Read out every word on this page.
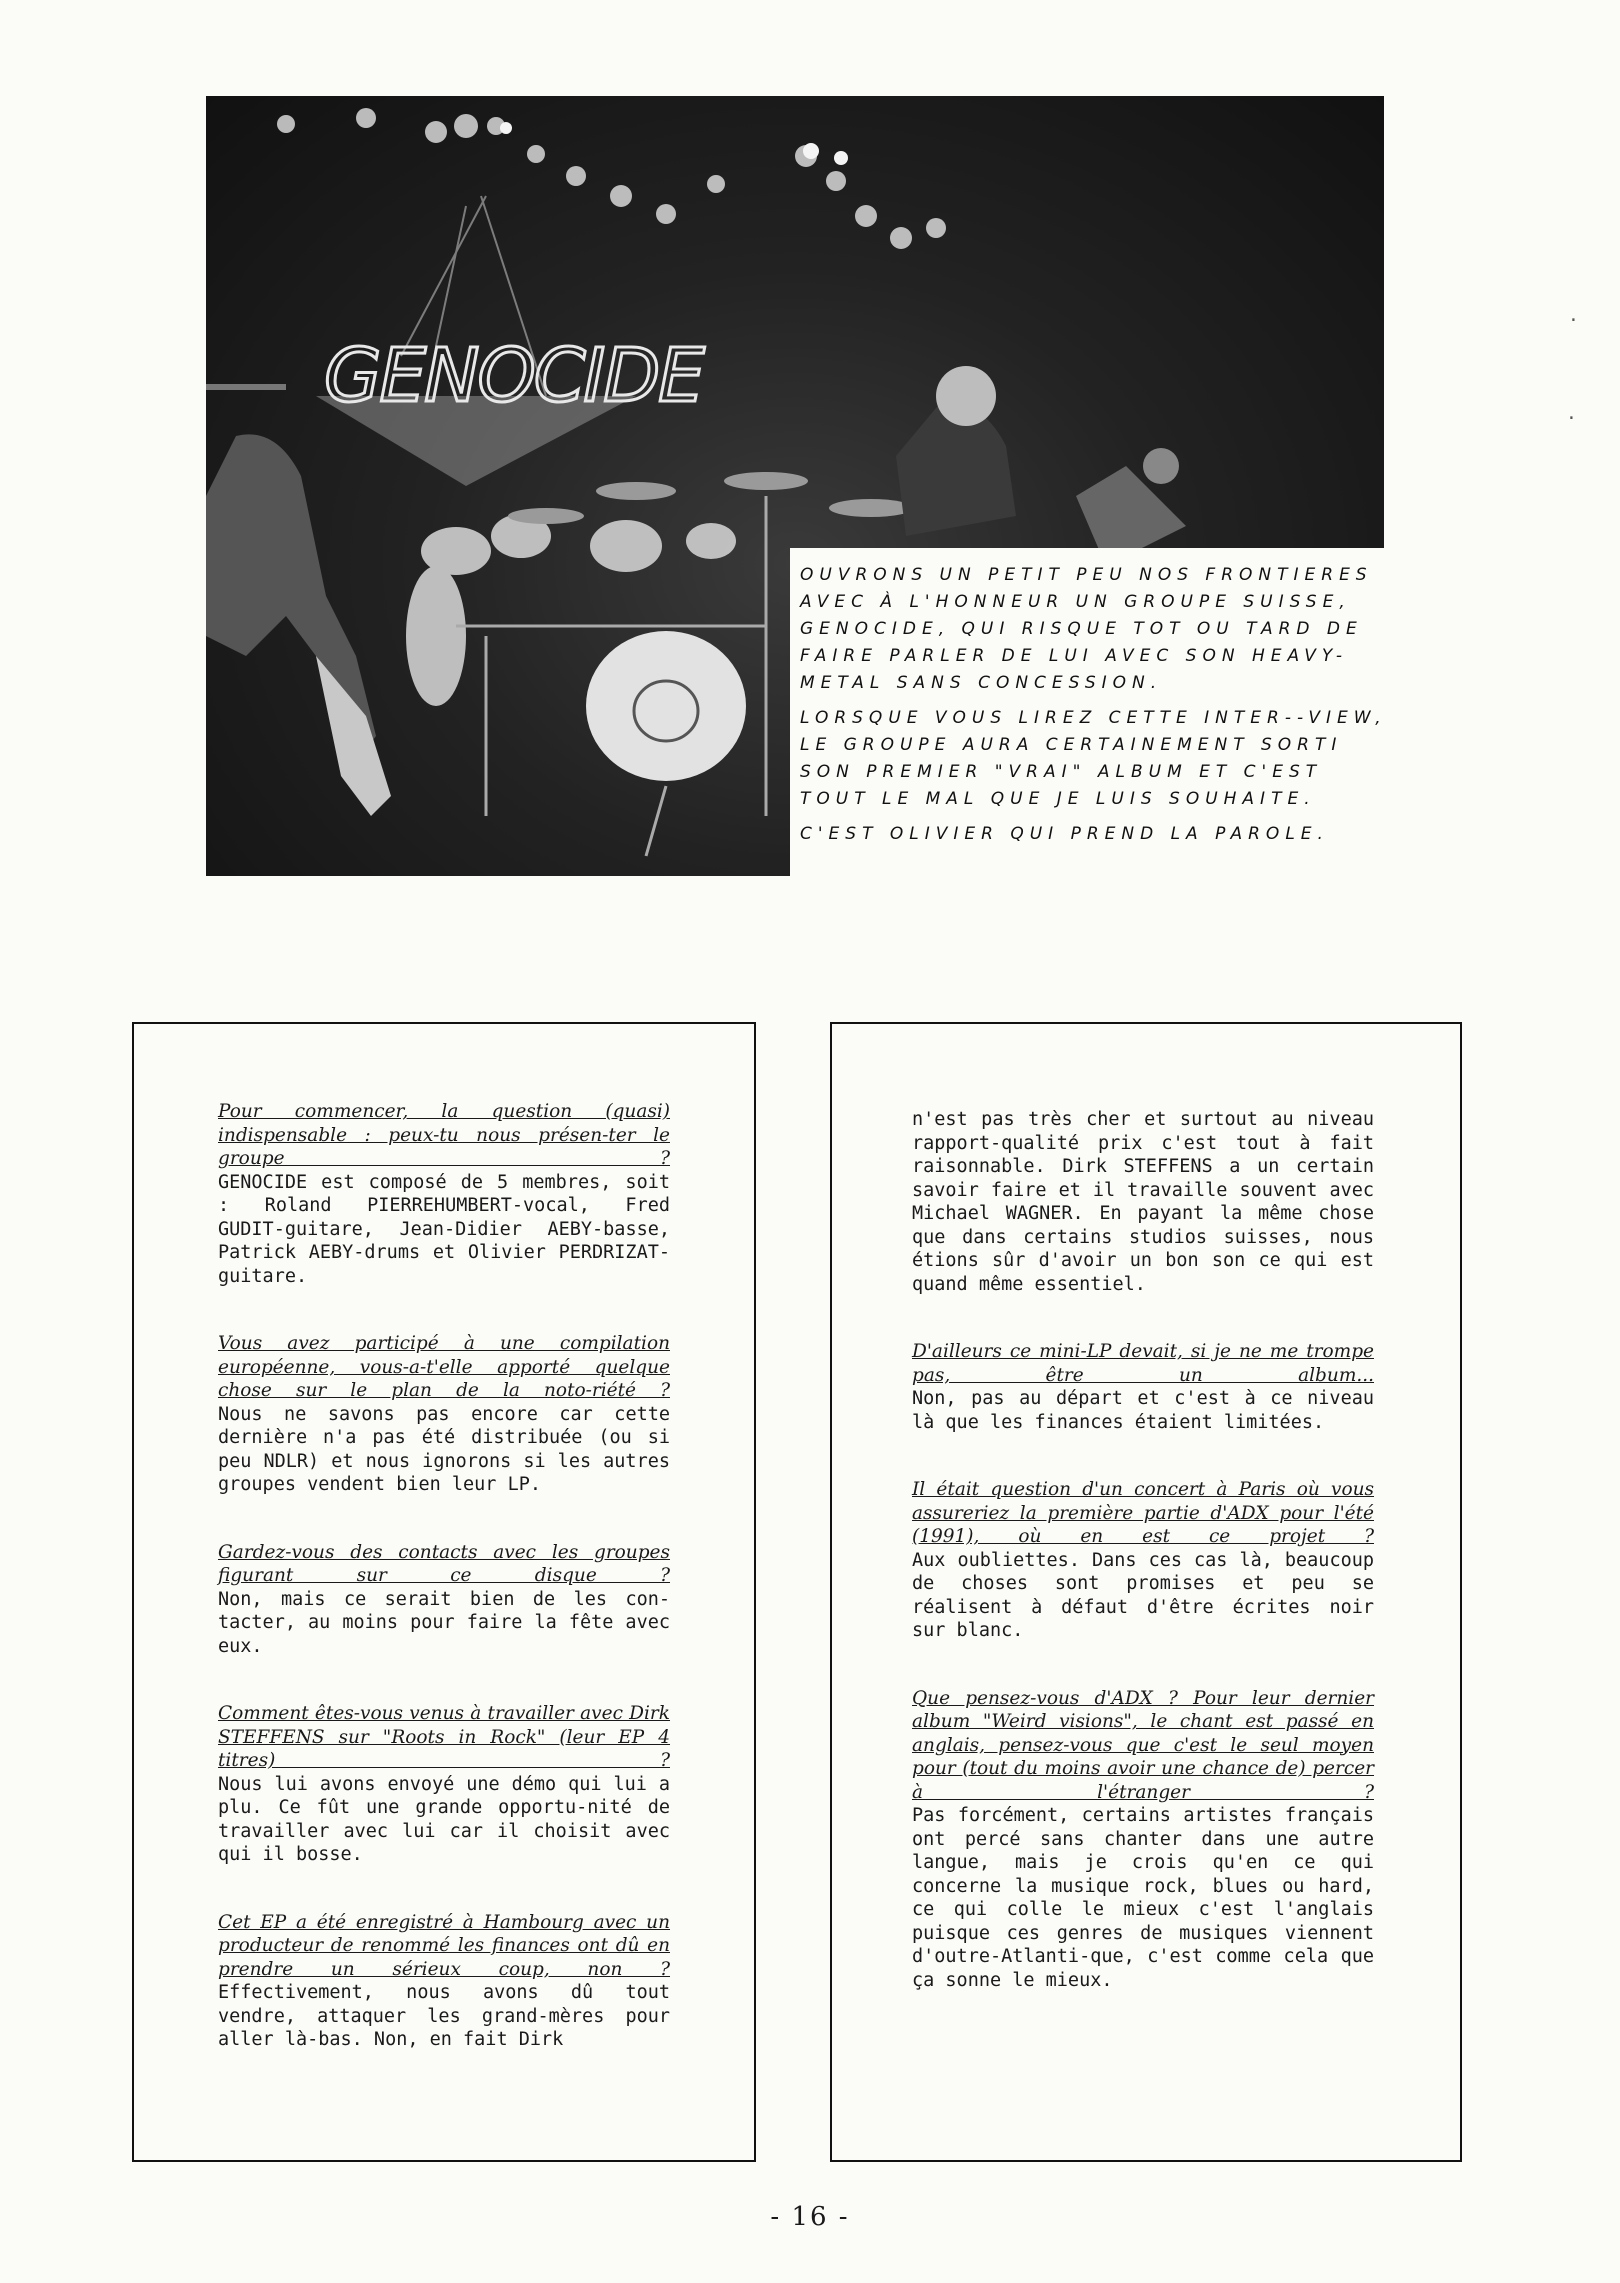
GENOCIDE

OUVRONS UN PETIT PEU NOS FRONTIERES AVEC À L'HONNEUR UN GROUPE SUISSE, GENOCIDE, QUI RISQUE TOT OU TARD DE FAIRE PARLER DE LUI AVEC SON HEAVY-METAL SANS CONCESSION.

LORSQUE VOUS LIREZ CETTE INTER--VIEW, LE GROUPE AURA CERTAINEMENT SORTI SON PREMIER "VRAI" ALBUM ET C'EST TOUT LE MAL QUE JE LUIS SOUHAITE.

C'EST OLIVIER QUI PREND LA PAROLE.

Pour commencer, la question (quasi) indispensable : peux-tu nous présen-ter le groupe ?

GENOCIDE est composé de 5 membres, soit : Roland PIERREHUMBERT-vocal, Fred GUDIT-guitare, Jean-Didier AEBY-basse, Patrick AEBY-drums et Olivier PERDRIZAT-guitare.

Vous avez participé à une compilation européenne, vous-a-t'elle apporté quelque chose sur le plan de la noto-riété ?

Nous ne savons pas encore car cette dernière n'a pas été distribuée (ou si peu NDLR) et nous ignorons si les autres groupes vendent bien leur LP.

Gardez-vous des contacts avec les groupes figurant sur ce disque ?

Non, mais ce serait bien de les con-tacter, au moins pour faire la fête avec eux.

Comment êtes-vous venus à travailler avec Dirk STEFFENS sur "Roots in Rock" (leur EP 4 titres) ?

Nous lui avons envoyé une démo qui lui a plu. Ce fût une grande opportu-nité de travailler avec lui car il choisit avec qui il bosse.

Cet EP a été enregistré à Hambourg avec un producteur de renommé les finances ont dû en prendre un sérieux coup, non ?

Effectivement, nous avons dû tout vendre, attaquer les grand-mères pour aller là-bas. Non, en fait Dirk

n'est pas très cher et surtout au niveau rapport-qualité prix c'est tout à fait raisonnable. Dirk STEFFENS a un certain savoir faire et il travaille souvent avec Michael WAGNER. En payant la même chose que dans certains studios suisses, nous étions sûr d'avoir un bon son ce qui est quand même essentiel.

D'ailleurs ce mini-LP devait, si je ne me trompe pas, être un album...

Non, pas au départ et c'est à ce niveau là que les finances étaient limitées.

Il était question d'un concert à Paris où vous assureriez la première partie d'ADX pour l'été (1991), où en est ce projet ?

Aux oubliettes. Dans ces cas là, beaucoup de choses sont promises et peu se réalisent à défaut d'être écrites noir sur blanc.

Que pensez-vous d'ADX ? Pour leur dernier album "Weird visions", le chant est passé en anglais, pensez-vous que c'est le seul moyen pour (tout du moins avoir une chance de) percer à l'étranger ?

Pas forcément, certains artistes français ont percé sans chanter dans une autre langue, mais je crois qu'en ce qui concerne la musique rock, blues ou hard, ce qui colle le mieux c'est l'anglais puisque ces genres de musiques viennent d'outre-Atlanti-que, c'est comme cela que ça sonne le mieux.

- 16 -
·
·
